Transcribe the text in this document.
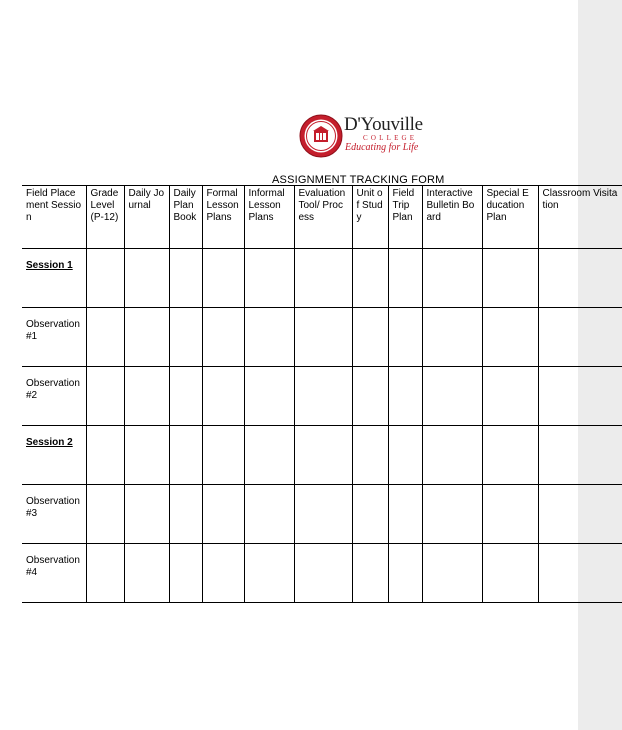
D'Youville
COLLEGE
Educating for Life
ASSIGNMENT TRACKING FORM
Field Placement Session	Grade Level (P-12)	Daily Journal	Daily Plan Book	Formal Lesson Plans	Informal Lesson Plans	Evaluation Tool/ Process	Unit of Study	Field Trip Plan	Interactive Bulletin Board	Special Education Plan	Classroom Visitation

Session 1											

Observation #1											

Observation #2											

Session 2											

Observation #3											

Observation #4											
